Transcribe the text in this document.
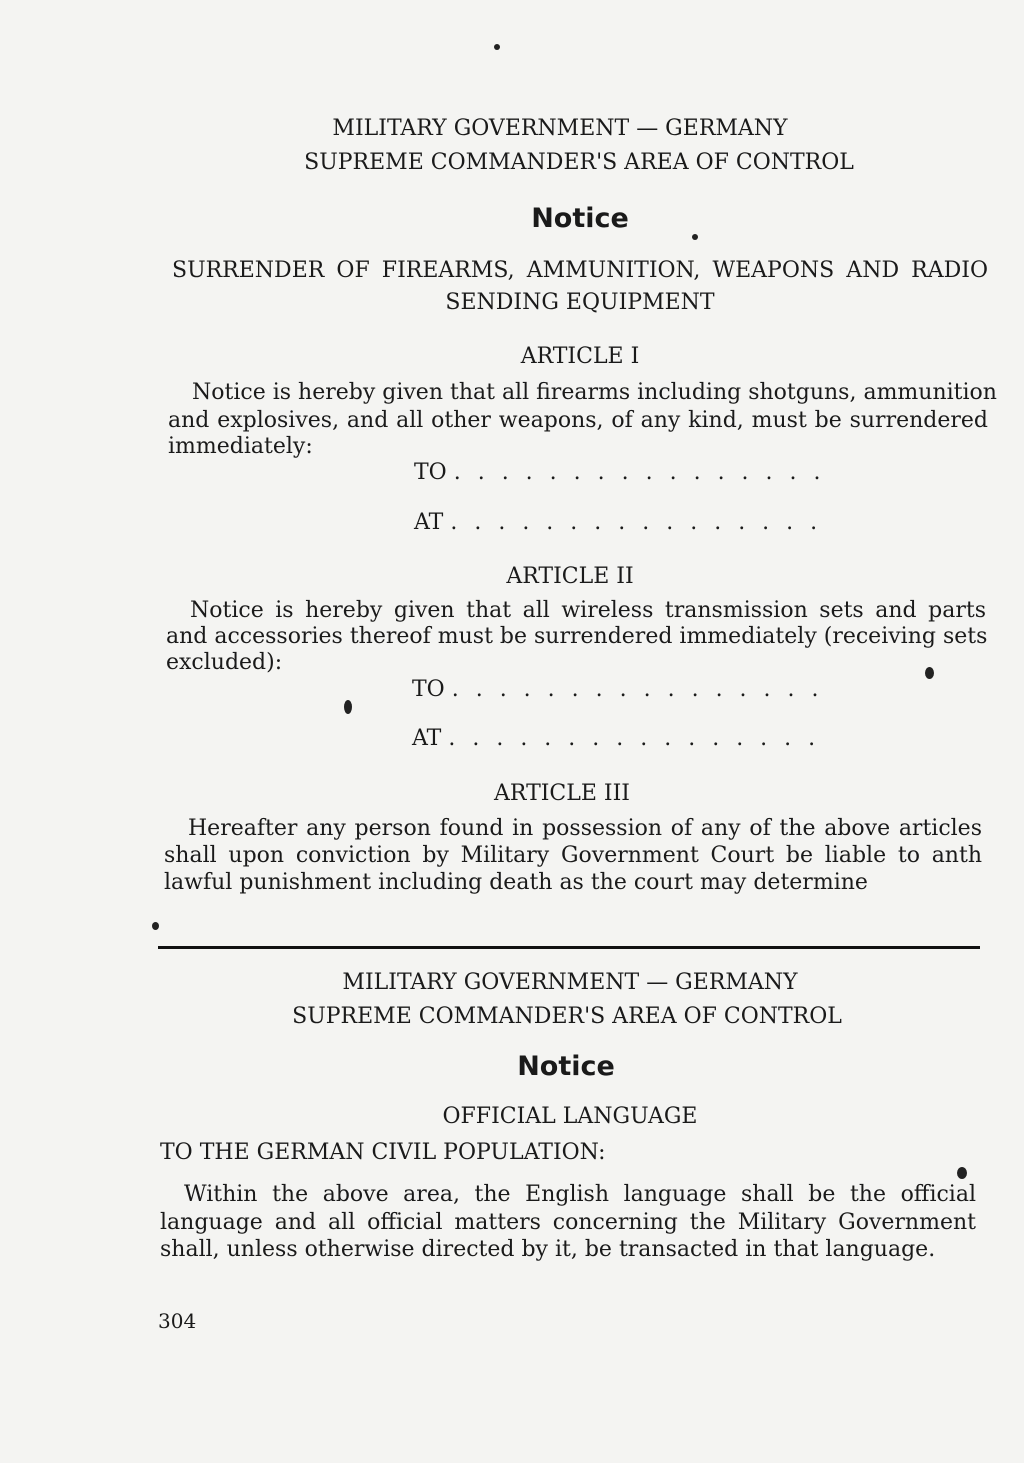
MILITARY GOVERNMENT — GERMANY
SUPREME COMMANDER'S AREA OF CONTROL
Notice
SURRENDER OF FIREARMS, AMMUNITION, WEAPONS AND RADIO
SENDING EQUIPMENT
ARTICLE I
Notice is hereby given that all firearms including shotguns, ammunition
and explosives, and all other weapons, of any kind, must be surrendered
immediately:
TO . . . . . . . . . . . . . . . .
AT . . . . . . . . . . . . . . . .
ARTICLE II
Notice is hereby given that all wireless transmission sets and parts
and accessories thereof must be surrendered immediately (receiving sets
excluded):
TO . . . . . . . . . . . . . . . .
AT . . . . . . . . . . . . . . . .
ARTICLE III
Hereafter any person found in possession of any of the above articles
shall upon conviction by Military Government Court be liable to anth
lawful punishment including death as the court may determine
MILITARY GOVERNMENT — GERMANY
SUPREME COMMANDER'S AREA OF CONTROL
Notice
OFFICIAL LANGUAGE
TO THE GERMAN CIVIL POPULATION:
Within the above area, the English language shall be the official
language and all official matters concerning the Military Government
shall, unless otherwise directed by it, be transacted in that language.
304
